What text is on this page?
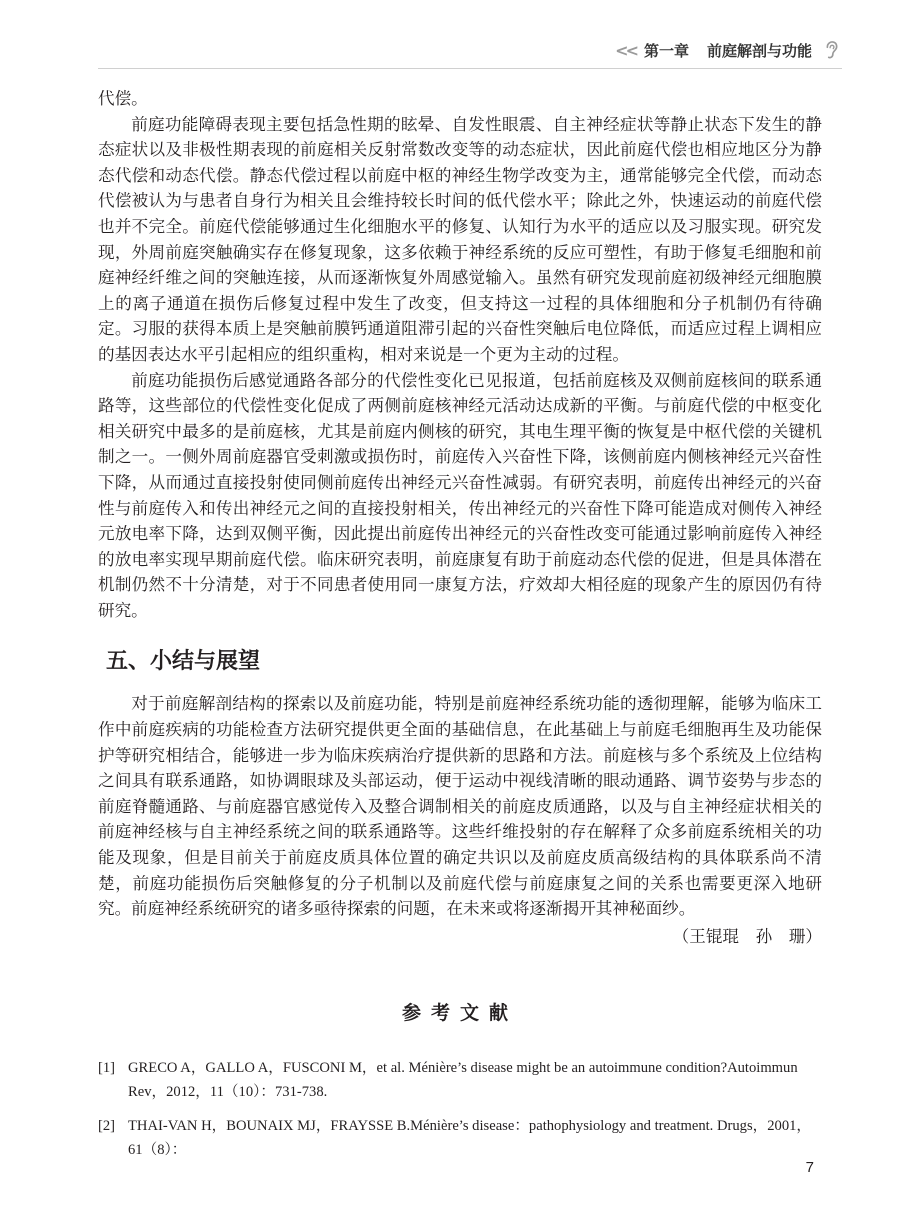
<< 第一章 前庭解剖与功能

代偿。

前庭功能障碍表现主要包括急性期的眩晕、自发性眼震、自主神经症状等静止状态下发生的静态症状以及非极性期表现的前庭相关反射常数改变等的动态症状，因此前庭代偿也相应地区分为静态代偿和动态代偿。静态代偿过程以前庭中枢的神经生物学改变为主，通常能够完全代偿，而动态代偿被认为与患者自身行为相关且会维持较长时间的低代偿水平；除此之外，快速运动的前庭代偿也并不完全。前庭代偿能够通过生化细胞水平的修复、认知行为水平的适应以及习服实现。研究发现，外周前庭突触确实存在修复现象，这多依赖于神经系统的反应可塑性，有助于修复毛细胞和前庭神经纤维之间的突触连接，从而逐渐恢复外周感觉输入。虽然有研究发现前庭初级神经元细胞膜上的离子通道在损伤后修复过程中发生了改变，但支持这一过程的具体细胞和分子机制仍有待确定。习服的获得本质上是突触前膜钙通道阻滞引起的兴奋性突触后电位降低，而适应过程上调相应的基因表达水平引起相应的组织重构，相对来说是一个更为主动的过程。

前庭功能损伤后感觉通路各部分的代偿性变化已见报道，包括前庭核及双侧前庭核间的联系通路等，这些部位的代偿性变化促成了两侧前庭核神经元活动达成新的平衡。与前庭代偿的中枢变化相关研究中最多的是前庭核，尤其是前庭内侧核的研究，其电生理平衡的恢复是中枢代偿的关键机制之一。一侧外周前庭器官受刺激或损伤时，前庭传入兴奋性下降，该侧前庭内侧核神经元兴奋性下降，从而通过直接投射使同侧前庭传出神经元兴奋性减弱。有研究表明，前庭传出神经元的兴奋性与前庭传入和传出神经元之间的直接投射相关，传出神经元的兴奋性下降可能造成对侧传入神经元放电率下降，达到双侧平衡，因此提出前庭传出神经元的兴奋性改变可能通过影响前庭传入神经的放电率实现早期前庭代偿。临床研究表明，前庭康复有助于前庭动态代偿的促进，但是具体潜在机制仍然不十分清楚，对于不同患者使用同一康复方法，疗效却大相径庭的现象产生的原因仍有待研究。

五、小结与展望

对于前庭解剖结构的探索以及前庭功能，特别是前庭神经系统功能的透彻理解，能够为临床工作中前庭疾病的功能检查方法研究提供更全面的基础信息，在此基础上与前庭毛细胞再生及功能保护等研究相结合，能够进一步为临床疾病治疗提供新的思路和方法。前庭核与多个系统及上位结构之间具有联系通路，如协调眼球及头部运动，便于运动中视线清晰的眼动通路、调节姿势与步态的前庭脊髓通路、与前庭器官感觉传入及整合调制相关的前庭皮质通路，以及与自主神经症状相关的前庭神经核与自主神经系统之间的联系通路等。这些纤维投射的存在解释了众多前庭系统相关的功能及现象，但是目前关于前庭皮质具体位置的确定共识以及前庭皮质高级结构的具体联系尚不清楚，前庭功能损伤后突触修复的分子机制以及前庭代偿与前庭康复之间的关系也需要更深入地研究。前庭神经系统研究的诸多亟待探索的问题，在未来或将逐渐揭开其神秘面纱。

（王锟琨　孙　珊）

参考文献
[1] GRECO A，GALLO A，FUSCONI M，et al. Ménière’s disease might be an autoimmune condition?Autoimmun Rev，2012，11（10）：731-738.
[2] THAI-VAN H，BOUNAIX MJ，FRAYSSE B.Ménière’s disease：pathophysiology and treatment. Drugs，2001，61（8）：
7
